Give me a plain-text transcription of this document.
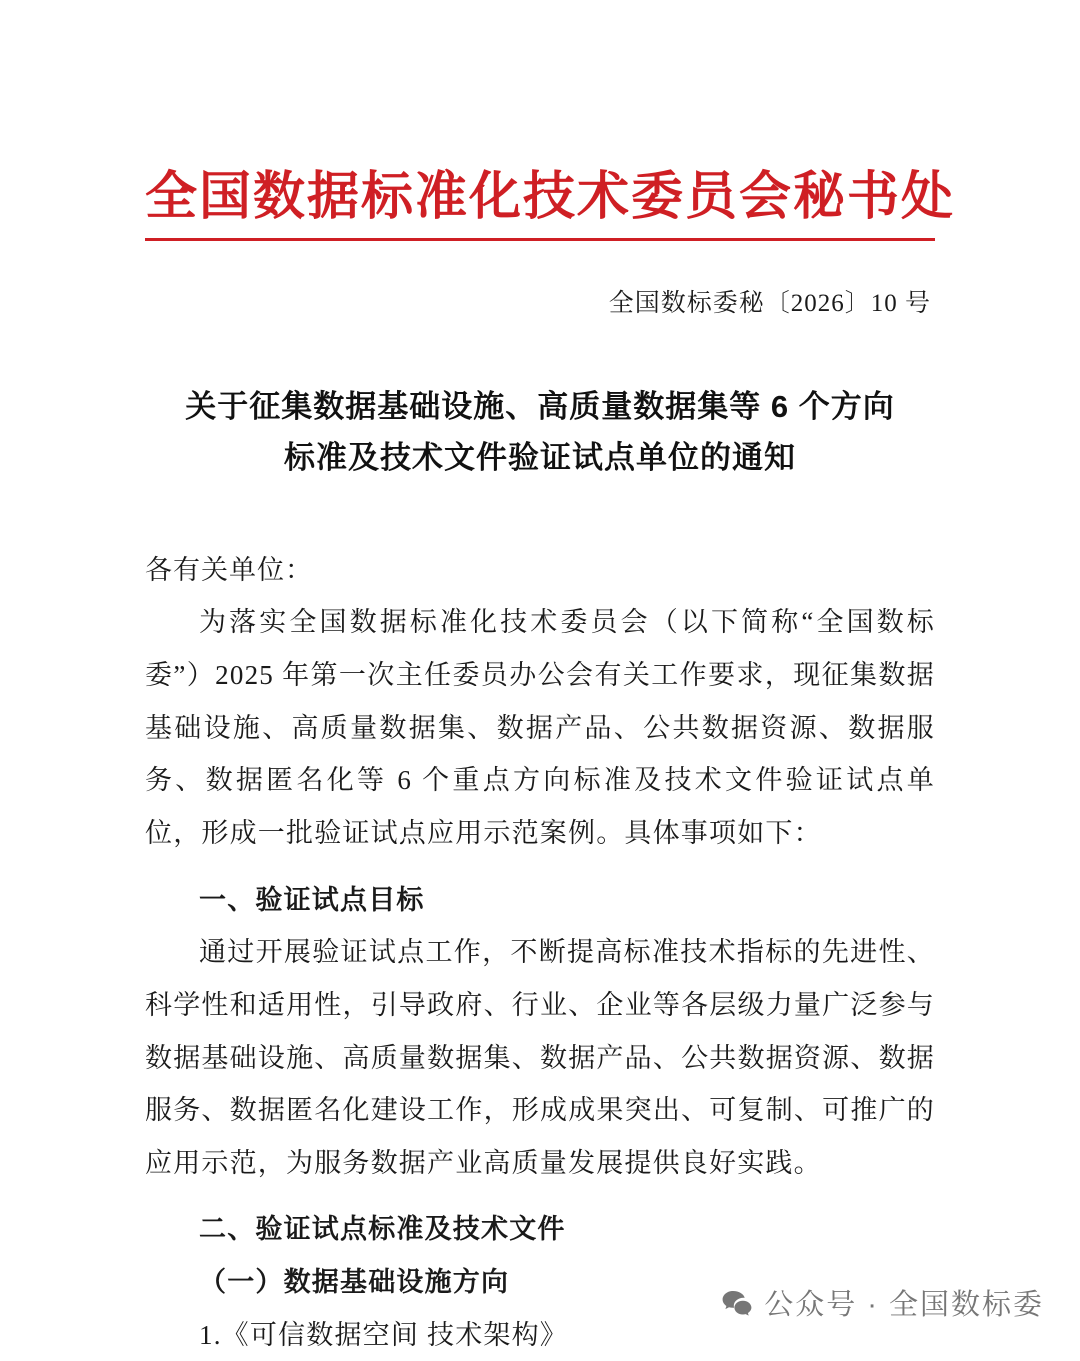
全国数据标准化技术委员会秘书处
全国数标委秘〔2026〕10 号
关于征集数据基础设施、高质量数据集等 6 个方向
标准及技术文件验证试点单位的通知
各有关单位：

为落实全国数据标准化技术委员会（以下简称“全国数标委”）2025 年第一次主任委员办公会有关工作要求，现征集数据基础设施、高质量数据集、数据产品、公共数据资源、数据服务、数据匿名化等 6 个重点方向标准及技术文件验证试点单位，形成一批验证试点应用示范案例。具体事项如下：

一、验证试点目标

通过开展验证试点工作，不断提高标准技术指标的先进性、科学性和适用性，引导政府、行业、企业等各层级力量广泛参与数据基础设施、高质量数据集、数据产品、公共数据资源、数据服务、数据匿名化建设工作，形成成果突出、可复制、可推广的应用示范，为服务数据产业高质量发展提供良好实践。

二、验证试点标准及技术文件
（一）数据基础设施方向

1.《可信数据空间 技术架构》

公众号 · 全国数标委
